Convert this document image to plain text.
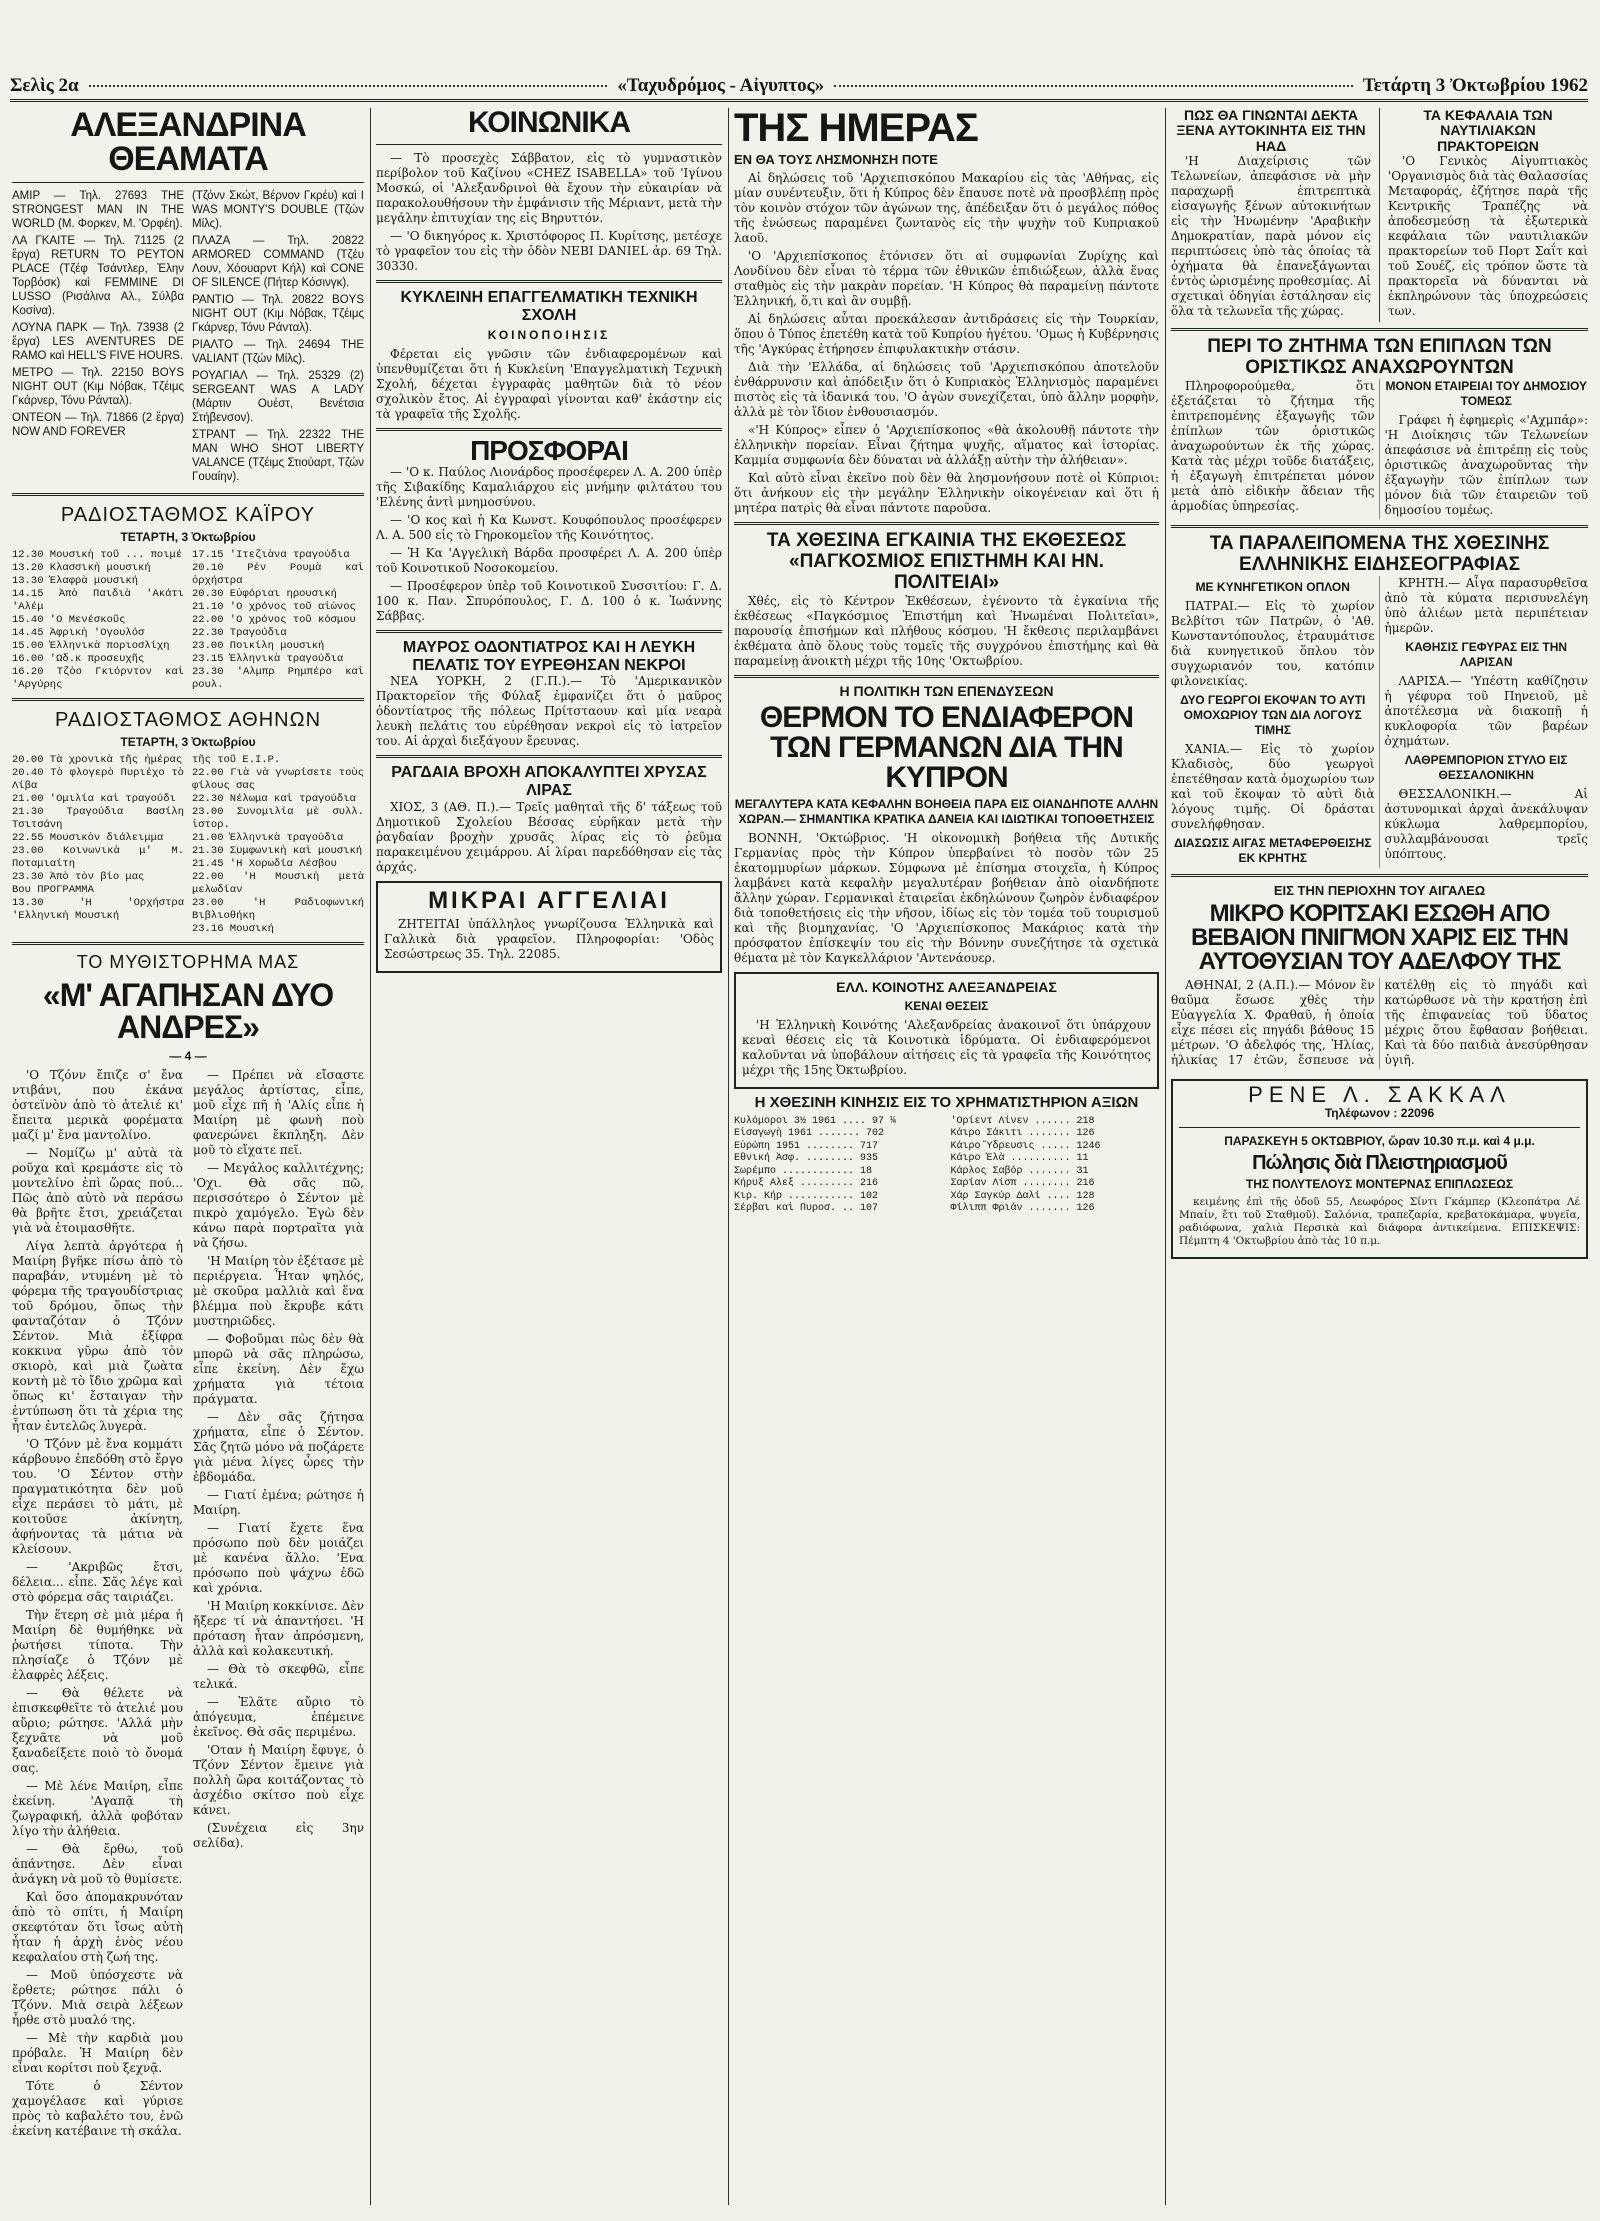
Σελὶς 2α	«Ταχυδρόμος - Αἰγυπτος»	Τετάρτη 3 Ὀκτωβρίου 1962
ΑΛΕΞΑΝΔΡΙΝΑ ΘΕΑΜΑΤΑ

AMIP — Τηλ. 27693 THE STRONGEST MAN IN THE WORLD (Μ. Φορκεν, Μ. 'Ορφέη).

ΛΑ ΓΚΑΙΤΕ — Τηλ. 71125 (2 ἔργα) RETURN TO PEYTON PLACE (Τζέφ Τσάντλερ, Ἐλην Τορβόσκ) καὶ FEMMINE DI LUSSO (Ρισάλινα Αλ., Σύλβα Κοσίνα).

ΛΟΥΝΑ ΠΑΡΚ — Τηλ. 73938 (2 ἔργα) LES AVENTURES DE RAMO καὶ HELL'S FIVE HOURS.

ΜΕΤΡΟ — Τηλ. 22150 BOYS NIGHT OUT (Κιμ Νόβακ, Τζέιμς Γκάρνερ, Τόνυ Ράνταλ).

ΟΝΤΕΟΝ — Τηλ. 71866 (2 ἔργα) NOW AND FOREVER

(Τζόνν Σκώτ, Βέρνον Γκρέυ) καὶ I WAS MONTY'S DOUBLE (Τζών Μίλς).

ΠΛΑΖΑ — Τηλ. 20822 ARMORED COMMAND (Τζέυ Λουν, Χόουαρντ Κήλ) καὶ CONE OF SILENCE (Πήτερ Κόσινγκ).

ΡΑΝΤΙΟ — Τηλ. 20822 BOYS NIGHT OUT (Κιμ Νόβακ, Τζέιμς Γκάρνερ, Τόνυ Ράνταλ).

ΡΙΑΛΤΟ — Τηλ. 24694 THE VALIANT (Τζών Μίλς).

ΡΟΥΑΓΙΑΛ — Τηλ. 25329 (2) SERGEANT WAS A LADY (Μάρτιν Ουέστ, Βενέτσια Στήβενσον).

ΣΤΡΑΝΤ — Τηλ. 22322 THE MAN WHO SHOT LIBERTY VALANCE (Τζέιμς Στιούαρτ, Τζών Γουαίην).

ΡΑΔΙΟΣΤΑΘΜΟΣ ΚΑΪΡΟΥ
ΤΕΤΑΡΤΗ, 3 Ὀκτωβρίου
12.30 Μουσικὴ τοῦ ... ποιμέ
13.20 Κλασσικὴ μουσική
13.30 Ἐλαφρὰ μουσική
14.15 Ἀπὸ Παιδιὰ 'Ακάτι 'Αλέμ
15.40 'Ο Μενέσκοῦς
14.45 Ἀφρικὴ 'Ογουλόσ
15.00 Ἐλληνικὰ ποριοσλίχη
16.00 'Ωδ.κ προσευχῆς
16.20 Τζὸο Γκιόρντον καὶ 'Αργύρης
17.15 'Ιτεζιὰνα τραγούδια
20.10 Ρέν Ρουμὰ καὶ ὀρχήστρα
20.30 Εὐφόριαι ηρουσική
21.10 'Ο χρόνος τοῦ αἰώνος
22.00 'Ο χρόνος τοῦ κόσμου
22.30 Τραγούδια
23.00 Ποικίλη μουσική
23.15 Ἐλληνικὰ τραγούδια
23.30 'Αλμπρ Ρημπέρο καὶ ρουλ.
ΡΑΔΙΟΣΤΑΘΜΟΣ ΑΘΗΝΩΝ
ΤΕΤΑΡΤΗ, 3 Ὀκτωβρίου
20.00 Τὰ χρονικὰ τῆς ἡμέρας
20.40 Τὸ φλογερὸ Πυριέχο τὸ Λίβα
21.00 'Ομιλία καὶ τραγούδι
21.30 Τραγούδια Βασίλη Τσιτσάνη
22.55 Μουσικὸν διάλειμμα
23.00 Κοινωνικὰ μ' Μ. Ποταμιαίτη
23.30 Ἀπὸ τὸν βίο μας
Βου ΠΡΟΓΡΑΜΜΑ
13.30 'Η 'Ορχήστρα 'Ελληνικὴ Μουσική
τῆς τοῦ Ε.Ι.Ρ.
22.00 Γιὰ νὰ γνωρίσετε τοὺς φίλους σας
22.30 Νέλωμα καὶ τραγούδια
23.00 Συνομιλία μὲ συλλ. ἱστορ.
21.00 Ἐλληνικὰ τραγούδια
21.30 Συμφωνικὴ καὶ μουσική
21.45 'Η Χορωδία Λέσβου
22.00 'Η Μουσικὴ μετὰ μελωδίαν
23.00 'Η Ραδιοφωνική Βιβλιοθήκη
23.16 Μουσική
ΤΟ ΜΥΘΙΣΤΟΡΗΜΑ ΜΑΣ
«Μ' ΑΓΑΠΗΣΑΝ ΔΥΟ ΑΝΔΡΕΣ»
— 4 —

'Ο Τζόνν ἔπιζε σ' ἔνα ντιβάνι, που ἐκάνα ὀστεϊνὸν ἀπὸ τὸ ἀτελιέ κι' ἔπειτα μερικὰ φορέματα μαζί μ' ἔνα μαντολίνο.

— Νομίζω μ' αὐτὰ τὰ ροῦχα καὶ κρεμάστε εἰς τὸ μοντελίνο ἐπὶ ὥρας πού... Πῶς ἀπὸ αὐτὸ νὰ περάσω θὰ βρῆτε ἔτσι, χρειάζεται γιὰ νὰ ἑτοιμασθῆτε.

Λίγα λεπτὰ ἀργότερα ἡ Μαιίρη βγῆκε πίσω ἀπὸ τὸ παραβάν, ντυμένη μὲ τὸ φόρεμα τῆς τραγουδίστριας τοῦ δρόμου, ὅπως τὴν φανταζόταν ὁ Τζόνν Σέντον. Μιὰ ἐξίφρα κοκκινα γῦρω ἀπὸ τὸν σκιορὸ, καὶ μιὰ ζωὰτα κοντὴ μὲ τὸ ἴδιο χρῶμα καὶ ὅπως κι' ἔσταιγαν τὴν ἐντύπωση ὅτι τὰ χέρια της ἦταν ἐντελῶς λυγερὰ.

'Ο Τζόνν μὲ ἔνα κομμάτι κάρβουνο ἐπεδόθη στὸ ἔργο του. 'Ο Σέντον στὴν πραγματικότητα δὲν μοῦ εἶχε περάσει τὸ μάτι, μὲ κοιτοῦσε ἀκίνητη, ἀφήνοντας τὰ μάτια νὰ κλείσουν.

— 'Ακριβῶς ἔτσι, δέλεια... εἶπε. Σᾶς λέγε καὶ στὸ φόρεμα σᾶς ταιριάζει.

Τὴν ἕτερη σὲ μιὰ μέρα ἡ Μαιίρη δὲ θυμήθηκε νὰ ῥωτήσει τίποτα. Τὴν πλησίαζε ὁ Τζόνν μὲ ἐλαφρὲς λέξεις.

— Θὰ θέλετε νὰ ἐπισκεφθεῖτε τὸ ἀτελιέ μου αὔριο; ρώτησε. 'Αλλά μὴν ξεχνᾶτε νὰ μοῦ ξαναδείξετε ποιὸ τὸ ὄνομά σας.

— Μὲ λένε Μαιίρη, εἶπε ἐκείνη. 'Αγαπᾷ τὴ ζωγραφική, ἀλλὰ φοβόταν λίγο τὴν ἀλήθεια.

— Θὰ ἔρθω, τοῦ ἀπάντησε. Δὲν εἶναι ἀνάγκη νὰ μοῦ τὸ θυμίσετε.

Καὶ ὅσο ἀπομακρυνόταν ἀπὸ τὸ σπίτι, ἡ Μαιίρη σκεφτόταν ὅτι ἴσως αὐτὴ ἦταν ἡ ἀρχὴ ἑνὸς νέου κεφαλαίου στὴ ζωή της.

— Μοῦ ὑπόσχεστε νὰ ἔρθετε; ρώτησε πάλι ὁ Τζόνν. Μιὰ σειρὰ λέξεων ἦρθε στὸ μυαλό της.

— Μὲ τὴν καρδιὰ μου πρόβαλε. Ἡ Μαιίρη δὲν εἶναι κορίτσι ποὺ ξεχνᾷ.

Τότε ὁ Σέντον χαμογέλασε καὶ γύρισε πρὸς τὸ καβαλέτο του, ἐνῶ ἐκείνη κατέβαινε τὴ σκάλα.

— Πρέπει νὰ εἴσαστε μεγάλος ἀρτίστας, εἶπε, μοῦ εἶχε πῆ ἡ 'Αλίς εἶπε ἡ Μαιίρη μὲ φωνὴ ποὺ φανερώνει ἔκπληξη. Δὲν μοῦ τὸ εἴχατε πεῖ.

— Μεγάλος καλλιτέχνης; 'Οχι. Θὰ σᾶς πῶ, περισσότερο ὁ Σέντον μὲ πικρὸ χαμόγελο. Ἐγὼ δὲν κάνω παρὰ πορτραῖτα γιὰ νὰ ζήσω.

'Η Μαιίρη τὸν ἐξέτασε μὲ περιέργεια. Ἦταν ψηλός, μὲ σκοῦρα μαλλιὰ καὶ ἕνα βλέμμα ποὺ ἔκρυβε κάτι μυστηριῶδες.

— Φοβοῦμαι πὼς δὲν θὰ μπορῶ νὰ σᾶς πληρώσω, εἶπε ἐκείνη. Δὲν ἔχω χρήματα γιὰ τέτοια πράγματα.

— Δὲν σᾶς ζήτησα χρήματα, εἶπε ὁ Σέντον. Σᾶς ζητῶ μόνο νὰ ποζάρετε γιὰ μένα λίγες ὧρες τὴν ἑβδομάδα.

— Γιατί ἐμένα; ρώτησε ἡ Μαιίρη.

— Γιατί ἔχετε ἕνα πρόσωπο ποὺ δὲν μοιάζει μὲ κανένα ἄλλο. 'Ενα πρόσωπο ποὺ ψάχνω ἐδῶ καὶ χρόνια.

'Η Μαιίρη κοκκίνισε. Δὲν ἤξερε τί νὰ ἀπαντήσει. 'Η πρόταση ἦταν ἀπρόσμενη, ἀλλὰ καὶ κολακευτική.

— Θὰ τὸ σκεφθῶ, εἶπε τελικά.

— Ἐλᾶτε αὔριο τὸ ἀπόγευμα, ἐπέμεινε ἐκεῖνος. Θὰ σᾶς περιμένω.

'Οταν ἡ Μαιίρη ἔφυγε, ὁ Τζόνν Σέντον ἔμεινε γιὰ πολλὴ ὥρα κοιτάζοντας τὸ ἀσχέδιο σκίτσο ποὺ εἶχε κάνει.

(Συνέχεια εἰς 3ην σελίδα).

ΚΟΙΝΩΝΙΚΑ

— Τὸ προσεχὲς Σάββατον, εἰς τὸ γυμναστικὸν περίβολον τοῦ Καζίνου «CHEZ ISABELLA» τοῦ 'Ιγίνου Μοσκώ, οἱ 'Αλεξανδρινοὶ θὰ ἔχουν τὴν εὐκαιρίαν νὰ παρακολουθήσουν τὴν ἐμφάνισιν τῆς Μέριαντ, μετὰ τὴν μεγάλην ἐπιτυχίαν της εἰς Βηρυττόν.

— 'Ο δικηγόρος κ. Χριστόφορος Π. Κυρίτσης, μετέσχε τὸ γραφεῖον του εἰς τὴν ὁδὸν NEBI DANIEL ἀρ. 69 Τηλ. 30330.

ΚΥΚΛΕΙΝΗ ΕΠΑΓΓΕΛΜΑΤΙΚΗ ΤΕΧΝΙΚΗ ΣΧΟΛΗ
ΚΟΙΝΟΠΟΙΗΣΙΣ

Φέρεται εἰς γνῶσιν τῶν ἐνδιαφερομένων καὶ ὑπενθυμίζεται ὅτι ἡ Κυκλείνη 'Επαγγελματικὴ Τεχνικὴ Σχολή, δέχεται ἐγγραφὰς μαθητῶν διὰ τὸ νέον σχολικὸν ἔτος. Αἱ ἐγγραφαὶ γίνονται καθ' ἑκάστην εἰς τὰ γραφεῖα τῆς Σχολῆς.

ΠΡΟΣΦΟΡΑΙ

— 'Ο κ. Παύλος Λιονάρδος προσέφερεν Λ. Α. 200 ὑπὲρ τῆς Σιβακίδης Καμαλιάρχου εἰς μνήμην φιλτάτου του 'Ελένης ἀντὶ μνημοσύνου.

— 'Ο κος καὶ ἡ Κα Κωνστ. Κουφόπουλος προσέφερεν Λ. Α. 500 εἰς τὸ Γηροκομεῖον τῆς Κοινότητος.

— Ἡ Κα 'Αγγελικὴ Βάρδα προσφέρει Λ. Α. 200 ὑπὲρ τοῦ Κοινοτικοῦ Νοσοκομείου.

— Προσέφερον ὑπὲρ τοῦ Κοινοτικοῦ Συσσιτίου: Γ. Δ. 100 κ. Παν. Σπυρόπουλος, Γ. Δ. 100 ὁ κ. Ἰωάννης Σάββας.

ΜΑΥΡΟΣ ΟΔΟΝΤΙΑΤΡΟΣ ΚΑΙ Η ΛΕΥΚΗ ΠΕΛΑΤΙΣ ΤΟΥ ΕΥΡΕΘΗΣΑΝ ΝΕΚΡΟΙ

ΝΕΑ ΥΟΡΚΗ, 2 (Γ.Π.).— Τὸ 'Αμερικανικὸν Πρακτορεῖον τῆς Φύλαξ ἐμφανίζει ὅτι ὁ μαῦρος ὀδοντίατρος τῆς πόλεως Πρίτσταουν καὶ μία νεαρὰ λευκὴ πελάτις του εὑρέθησαν νεκροὶ εἰς τὸ ἰατρεῖον του. Αἱ ἀρχαὶ διεξάγουν ἔρευνας.

ΡΑΓΔΑΙΑ ΒΡΟΧΗ ΑΠΟΚΑΛΥΠΤΕΙ ΧΡΥΣΑΣ ΛΙΡΑΣ

ΧΙΟΣ, 3 (ΑΘ. Π.).— Τρεῖς μαθηταὶ τῆς δ' τάξεως τοῦ Δημοτικοῦ Σχολείου Βέσσας εὑρῆκαν μετὰ τὴν ῥαγδαίαν βροχὴν χρυσᾶς λίρας εἰς τὸ ῥεῦμα παρακειμένου χειμάρρου. Αἱ λίραι παρεδόθησαν εἰς τὰς ἀρχάς.

ΜΙΚΡΑΙ ΑΓΓΕΛΙΑΙ

ΖΗΤΕΙΤΑΙ ὑπάλληλος γνωρίζουσα Ἑλληνικὰ καὶ Γαλλικὰ διὰ γραφεῖον. Πληροφορίαι: 'Οδὸς Σεσώστρεως 35. Τηλ. 22085.

ΤΗΣ ΗΜΕΡΑΣ
ΕΝ ΘΑ ΤΟΥΣ ΛΗΣΜΟΝΗΣΗ ΠΟΤΕ

Αἱ δηλώσεις τοῦ 'Αρχιεπισκόπου Μακαρίου εἰς τὰς 'Αθήνας, εἰς μίαν συνέντευξιν, ὅτι ἡ Κύπρος δὲν ἔπαυσε ποτὲ νὰ προσβλέπῃ πρὸς τὸν κοινὸν στόχον τῶν ἀγώνων της, ἀπέδειξαν ὅτι ὁ μεγάλος πόθος τῆς ἑνώσεως παραμένει ζωντανὸς εἰς τὴν ψυχὴν τοῦ Κυπριακοῦ λαοῦ.

'Ο 'Αρχιεπίσκοπος ἐτόνισεν ὅτι αἱ συμφωνίαι Ζυρίχης καὶ Λονδίνου δὲν εἶναι τὸ τέρμα τῶν ἐθνικῶν ἐπιδιώξεων, ἀλλὰ ἕνας σταθμὸς εἰς τὴν μακρὰν πορείαν. 'Η Κύπρος θὰ παραμείνῃ πάντοτε Ἑλληνική, ὅ,τι καὶ ἂν συμβῇ.

Αἱ δηλώσεις αὗται προεκάλεσαν ἀντιδράσεις εἰς τὴν Τουρκίαν, ὅπου ὁ Τύπος ἐπετέθη κατὰ τοῦ Κυπρίου ἡγέτου. 'Ομως ἡ Κυβέρνησις τῆς 'Αγκύρας ἐτήρησεν ἐπιφυλακτικὴν στάσιν.

Διὰ τὴν 'Ελλάδα, αἱ δηλώσεις τοῦ 'Αρχιεπισκόπου ἀποτελοῦν ἐνθάρρυνσιν καὶ ἀπόδειξιν ὅτι ὁ Κυπριακὸς Ἑλληνισμὸς παραμένει πιστὸς εἰς τὰ ἰδανικά του. 'Ο ἀγὼν συνεχίζεται, ὑπὸ ἄλλην μορφὴν, ἀλλὰ μὲ τὸν ἴδιον ἐνθουσιασμόν.

«'Η Κύπρος» εἶπεν ὁ 'Αρχιεπίσκοπος «θὰ ἀκολουθῇ πάντοτε τὴν ἑλληνικὴν πορείαν. Εἶναι ζήτημα ψυχῆς, αἵματος καὶ ἱστορίας. Καμμία συμφωνία δὲν δύναται νὰ ἀλλάξῃ αὐτὴν τὴν ἀλήθειαν».

Καὶ αὐτὸ εἶναι ἐκεῖνο ποὺ δὲν θὰ λησμονήσουν ποτὲ οἱ Κύπριοι: ὅτι ἀνήκουν εἰς τὴν μεγάλην Ἑλληνικὴν οἰκογένειαν καὶ ὅτι ἡ μητέρα πατρὶς θὰ εἶναι πάντοτε παροῦσα.

ΤΑ ΧΘΕΣΙΝΑ ΕΓΚΑΙΝΙΑ ΤΗΣ ΕΚΘΕΣΕΩΣ «ΠΑΓΚΟΣΜΙΟΣ ΕΠΙΣΤΗΜΗ ΚΑΙ ΗΝ. ΠΟΛΙΤΕΙΑΙ»

Χθές, εἰς τὸ Κέντρον Ἐκθέσεων, ἐγένοντο τὰ ἐγκαίνια τῆς ἐκθέσεως «Παγκόσμιος Ἐπιστήμη καὶ Ἡνωμέναι Πολιτεῖαι», παρουσίᾳ ἐπισήμων καὶ πλήθους κόσμου. 'Η ἔκθεσις περιλαμβάνει ἐκθέματα ἀπὸ ὅλους τοὺς τομεῖς τῆς συγχρόνου ἐπιστήμης καὶ θὰ παραμείνῃ ἀνοικτὴ μέχρι τῆς 10ης 'Οκτωβρίου.

Η ΠΟΛΙΤΙΚΗ ΤΩΝ ΕΠΕΝΔΥΣΕΩΝ
ΘΕΡΜΟΝ ΤΟ ΕΝΔΙΑΦΕΡΟΝ ΤΩΝ ΓΕΡΜΑΝΩΝ ΔΙΑ ΤΗΝ ΚΥΠΡΟΝ
ΜΕΓΑΛΥΤΕΡΑ ΚΑΤΑ ΚΕΦΑΛΗΝ ΒΟΗΘΕΙΑ ΠΑΡΑ ΕΙΣ ΟΙΑΝΔΗΠΟΤΕ ΑΛΛΗΝ ΧΩΡΑΝ.— ΣΗΜΑΝΤΙΚΑ ΚΡΑΤΙΚΑ ΔΑΝΕΙΑ ΚΑΙ ΙΔΙΩΤΙΚΑΙ ΤΟΠΟΘΕΤΗΣΕΙΣ

ΒΟΝΝΗ, 'Οκτώβριος. 'Η οἰκονομικὴ βοήθεια τῆς Δυτικῆς Γερμανίας πρὸς τὴν Κύπρον ὑπερβαίνει τὸ ποσὸν τῶν 25 ἑκατομμυρίων μάρκων. Σύμφωνα μὲ ἐπίσημα στοιχεῖα, ἡ Κύπρος λαμβάνει κατὰ κεφαλὴν μεγαλυτέραν βοήθειαν ἀπὸ οἱανδήποτε ἄλλην χώραν. Γερμανικαὶ ἑταιρεῖαι ἐκδηλώνουν ζωηρὸν ἐνδιαφέρον διὰ τοποθετήσεις εἰς τὴν νῆσον, ἰδίως εἰς τὸν τομέα τοῦ τουρισμοῦ καὶ τῆς βιομηχανίας. 'Ο 'Αρχιεπίσκοπος Μακάριος κατὰ τὴν πρόσφατον ἐπίσκεψίν του εἰς τὴν Βόννην συνεζήτησε τὰ σχετικὰ θέματα μὲ τὸν Καγκελλάριον 'Αντενάουερ.

ΕΛΛ. ΚΟΙΝΟΤΗΣ ΑΛΕΞΑΝΔΡΕΙΑΣ
ΚΕΝΑΙ ΘΕΣΕΙΣ

'Η Ἐλληνικὴ Κοινότης 'Αλεξανδρείας ἀνακοινοῖ ὅτι ὑπάρχουν κεναὶ θέσεις εἰς τὰ Κοινοτικὰ ἱδρύματα. Οἱ ἐνδιαφερόμενοι καλοῦνται νὰ ὑποβάλουν αἰτήσεις εἰς τὰ γραφεῖα τῆς Κοινότητος μέχρι τῆς 15ης Ὀκτωβρίου.

Η ΧΘΕΣΙΝΗ ΚΙΝΗΣΙΣ ΕΙΣ ΤΟ ΧΡΗΜΑΤΙΣΤΗΡΙΟΝ ΑΞΙΩΝ
Κυλόμοροι 3½ 1961 .... 97 ¼
Εἰσαγωγὴ 1961 ....... 702
Εὐρώπη 1951 ........ 717
Ἐθνική Ἀσφ. ........ 935
Σωρέμπο ............ 18
Κήρυξ Αλεξ ......... 216
Κιρ. Κήρ ........... 102
Σέρβαι καὶ Πυροσ. .. 107
'Ορίεντ Λίνεν ...... 218
Κάιρο Σάκιτι ....... 126
Κάιρο Ὕδρευσις ..... 1246
Κάιρο Ἐλὰ .......... 11
Κάρλος Σαβόρ ....... 31
Σαρίαν Λίσπ ........ 216
Χάρ Σαγκύρ Δαλί .... 128
Φίλιππ Φριάν ....... 126
ΠΩΣ ΘΑ ΓΙΝΩΝΤΑΙ ΔΕΚΤΑ ΞΕΝΑ ΑΥΤΟΚΙΝΗΤΑ ΕΙΣ ΤΗΝ ΗΑΔ

'Η Διαχείρισις τῶν Τελωνείων, ἀπεφάσισε νὰ μὴν παραχωρῇ ἐπιτρεπτικὰ εἰσαγωγῆς ξένων αὐτοκινήτων εἰς τὴν Ἡνωμένην 'Αραβικὴν Δημοκρατίαν, παρὰ μόνον εἰς περιπτώσεις ὑπὸ τὰς ὁποίας τὰ ὀχήματα θὰ ἐπανεξάγωνται ἐντὸς ὡρισμένης προθεσμίας. Αἱ σχετικαὶ ὁδηγίαι ἐστάλησαν εἰς ὅλα τὰ τελωνεῖα τῆς χώρας.

ΤΑ ΚΕΦΑΛΑΙΑ ΤΩΝ ΝΑΥΤΙΛΙΑΚΩΝ ΠΡΑΚΤΟΡΕΙΩΝ

'Ο Γενικὸς Αἰγυπτιακὸς 'Οργανισμὸς διὰ τὰς Θαλασσίας Μεταφοράς, ἐζήτησε παρὰ τῆς Κεντρικῆς Τραπέζης νὰ ἀποδεσμεύσῃ τὰ ἐξωτερικὰ κεφάλαια τῶν ναυτιλιακῶν πρακτορείων τοῦ Πορτ Σαΐτ καὶ τοῦ Σουέζ, εἰς τρόπον ὥστε τὰ πρακτορεῖα νὰ δύνανται νὰ ἐκπληρώνουν τὰς ὑποχρεώσεις των.

ΠΕΡΙ ΤΟ ΖΗΤΗΜΑ ΤΩΝ ΕΠΙΠΛΩΝ ΤΩΝ ΟΡΙΣΤΙΚΩΣ ΑΝΑΧΩΡΟΥΝΤΩΝ

Πληροφορούμεθα, ὅτι ἐξετάζεται τὸ ζήτημα τῆς ἐπιτρεπομένης ἐξαγωγῆς τῶν ἐπίπλων τῶν ὁριστικῶς ἀναχωρούντων ἐκ τῆς χώρας. Κατὰ τὰς μέχρι τοῦδε διατάξεις, ἡ ἐξαγωγὴ ἐπιτρέπεται μόνον μετὰ ἀπὸ εἰδικὴν ἄδειαν τῆς ἁρμοδίας ὑπηρεσίας.

ΜΟΝΟΝ ΕΤΑΙΡΕΙΑΙ ΤΟΥ ΔΗΜΟΣΙΟΥ ΤΟΜΕΩΣ

Γράφει ἡ ἐφημερὶς «'Αχμπάρ»: 'Η Διοίκησις τῶν Τελωνείων ἀπεφάσισε νὰ ἐπιτρέπῃ εἰς τοὺς ὁριστικῶς ἀναχωροῦντας τὴν ἐξαγωγὴν τῶν ἐπίπλων των μόνον διὰ τῶν ἑταιρειῶν τοῦ δημοσίου τομέως.

ΤΑ ΠΑΡΑΛΕΙΠΟΜΕΝΑ ΤΗΣ ΧΘΕΣΙΝΗΣ ΕΛΛΗΝΙΚΗΣ ΕΙΔΗΣΕΟΓΡΑΦΙΑΣ
ΜΕ ΚΥΝΗΓΕΤΙΚΟΝ ΟΠΛΟΝ

ΠΑΤΡΑΙ.— Εἰς τὸ χωρίον Βελβίτσι τῶν Πατρῶν, ὁ 'Αθ. Κωνσταντόπουλος, ἐτραυμάτισε διὰ κυνηγετικοῦ ὅπλου τὸν συγχωριανόν του, κατόπιν φιλονεικίας.

ΔΥΟ ΓΕΩΡΓΟΙ ΕΚΟΨΑΝ ΤΟ ΑΥΤΙ ΟΜΟΧΩΡΙΟΥ ΤΩΝ ΔΙΑ ΛΟΓΟΥΣ ΤΙΜΗΣ

ΧΑΝΙΑ.— Εἰς τὸ χωρίον Κλαδισὸς, δύο γεωργοὶ ἐπετέθησαν κατὰ ὁμοχωρίου των καὶ τοῦ ἔκοψαν τὸ αὐτὶ διὰ λόγους τιμῆς. Οἱ δράσται συνελήφθησαν.

ΔΙΑΣΩΣΙΣ ΑΙΓΑΣ ΜΕΤΑΦΕΡΘΕΙΣΗΣ ΕΚ ΚΡΗΤΗΣ

ΚΡΗΤΗ.— Αἶγα παρασυρθεῖσα ἀπὸ τὰ κύματα περισυνελέγη ὑπὸ ἁλιέων μετὰ περιπέτειαν ἡμερῶν.

ΚΑΘΗΣΙΣ ΓΕΦΥΡΑΣ ΕΙΣ ΤΗΝ ΛΑΡΙΣΑΝ

ΛΑΡΙΣΑ.— 'Υπέστη καθίζησιν ἡ γέφυρα τοῦ Πηνειοῦ, μὲ ἀποτέλεσμα νὰ διακοπῇ ἡ κυκλοφορία τῶν βαρέων ὀχημάτων.

ΛΑΘΡΕΜΠΟΡΙΟΝ ΣΤΥΛΟ ΕΙΣ ΘΕΣΣΑΛΟΝΙΚΗΝ

ΘΕΣΣΑΛΟΝΙΚΗ.— Αἱ ἀστυνομικαὶ ἀρχαὶ ἀνεκάλυψαν κύκλωμα λαθρεμπορίου, συλλαμβάνουσαι τρεῖς ὑπόπτους.

ΕΙΣ ΤΗΝ ΠΕΡΙΟΧΗΝ ΤΟΥ ΑΙΓΑΛΕΩ
ΜΙΚΡΟ ΚΟΡΙΤΣΑΚΙ ΕΣΩΘΗ ΑΠΟ ΒΕΒΑΙΟΝ ΠΝΙΓΜΟΝ ΧΑΡΙΣ ΕΙΣ ΤΗΝ ΑΥΤΟΘΥΣΙΑΝ ΤΟΥ ΑΔΕΛΦΟΥ ΤΗΣ

ΑΘΗΝΑΙ, 2 (Α.Π.).— Μόνον ἓν θαῦμα ἔσωσε χθὲς τὴν Εὐαγγελία Χ. Φραθαῦ, ἡ ὁποία εἶχε πέσει εἰς πηγάδι βάθους 15 μέτρων. 'Ο ἀδελφός της, Ἠλίας, ἡλικίας 17 ἐτῶν, ἔσπευσε νὰ κατέλθῃ εἰς τὸ πηγάδι καὶ κατώρθωσε νὰ τὴν κρατήσῃ ἐπὶ τῆς ἐπιφανείας τοῦ ὕδατος μέχρις ὅτου ἔφθασαν βοήθειαι. Καὶ τὰ δύο παιδιὰ ἀνεσύρθησαν ὑγιῆ.

ΡΕΝΕ Λ. ΣΑΚΚΑΛ
Τηλέφωνον : 22096
ΠΑΡΑΣΚΕΥΗ 5 ΟΚΤΩΒΡΙΟΥ, ὥραν 10.30 π.μ. καὶ 4 μ.μ.
Πώλησις διὰ Πλειστηριασμοῦ
ΤΗΣ ΠΟΛΥΤΕΛΟΥΣ ΜΟΝΤΕΡΝΑΣ ΕΠΙΠΛΩΣΕΩΣ

κειμένης ἐπὶ τῆς ὁδοῦ 55, Λεωφόρος Σίντι Γκάμπερ (Κλεοπάτρα Λέ Μπαίν, ἔτι τοῦ Σταθμοῦ). Σαλόνια, τραπεζαρία, κρεβατοκάμαρα, ψυγεῖα, ραδιόφωνα, χαλιὰ Περσικὰ καὶ διάφορα ἀντικείμενα. ΕΠΙΣΚΕΨΙΣ: Πέμπτη 4 'Οκτωβρίου ἀπὸ τὰς 10 π.μ.
